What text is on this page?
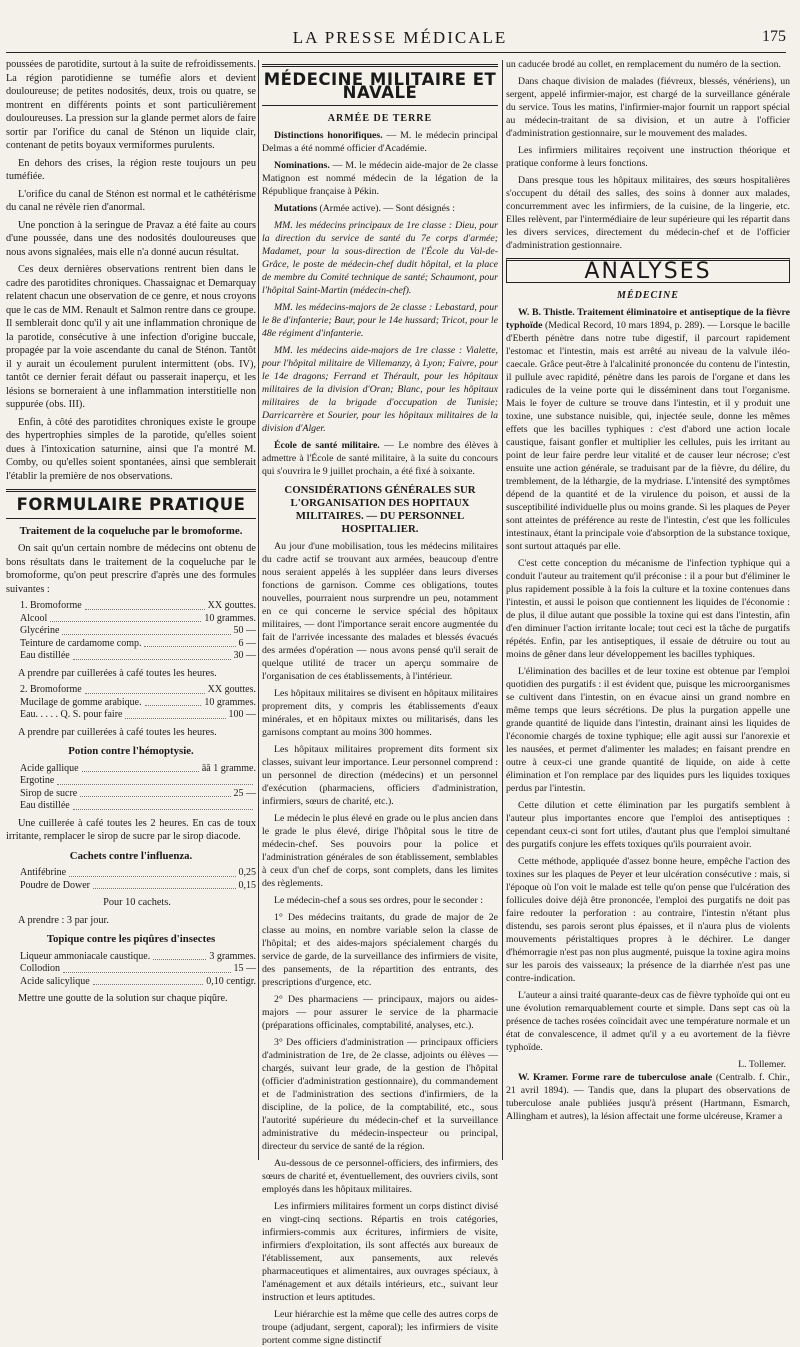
LA PRESSE MÉDICALE	175

poussées de parotidite, surtout à la suite de refroidissements. La région parotidienne se tuméfie alors et devient douloureuse; de petites nodosités, deux, trois ou quatre, se montrent en différents points et sont particulièrement douloureuses. La pression sur la glande permet alors de faire sortir par l'orifice du canal de Sténon un liquide clair, contenant de petits boyaux vermiformes purulents.

En dehors des crises, la région reste toujours un peu tuméfiée.

L'orifice du canal de Sténon est normal et le cathétérisme du canal ne révèle rien d'anormal.

Une ponction à la seringue de Pravaz a été faite au cours d'une poussée, dans une des nodosités douloureuses que nous avons signalées, mais elle n'a donné aucun résultat.

Ces deux dernières observations rentrent bien dans le cadre des parotidites chroniques. Chassaignac et Demarquay relatent chacun une observation de ce genre, et nous croyons que le cas de MM. Renault et Salmon rentre dans ce groupe. Il semblerait donc qu'il y ait une inflammation chronique de la parotide, consécutive à une infection d'origine buccale, propagée par la voie ascendante du canal de Sténon. Tantôt il y aurait un écoulement purulent intermittent (obs. IV), tantôt ce dernier ferait défaut ou passerait inaperçu, et les lésions se borneraient à une inflammation interstitielle non suppurée (obs. III).

Enfin, à côté des parotidites chroniques existe le groupe des hypertrophies simples de la parotide, qu'elles soient dues à l'intoxication saturnine, ainsi que l'a montré M. Comby, ou qu'elles soient spontanées, ainsi que semblerait l'établir la première de nos observations.

FORMULAIRE PRATIQUE
Traitement de la coqueluche par le bromoforme.

On sait qu'un certain nombre de médecins ont obtenu de bons résultats dans le traitement de la coqueluche par le bromoforme, qu'on peut prescrire d'après une des formules suivantes :

1. Bromoforme	XX gouttes.
Alcool	10 grammes.
Glycérine	50 —
Teinture de cardamome comp.	6 —
Eau distillée	30 —

A prendre par cuillerées à café toutes les heures.

2. Bromoforme	XX gouttes.
Mucilage de gomme arabique.	10 grammes.
Eau. . . . . Q. S. pour faire	100 —

A prendre par cuillerées à café toutes les heures.

Potion contre l'hémoptysie.
Acide gallique	āā 1 gramme.
Ergotine
Sirop de sucre	25 —
Eau distillée

Une cuillerée à café toutes les 2 heures. En cas de toux irritante, remplacer le sirop de sucre par le sirop diacode.

Cachets contre l'influenza.
Antifébrine	0,25
Poudre de Dower	0,15

Pour 10 cachets.

A prendre : 3 par jour.

Topique contre les piqûres d'insectes
Liqueur ammoniacale caustique.	3 grammes.
Collodion	15 —
Acide salicylique	0,10 centigr.

Mettre une goutte de la solution sur chaque piqûre.

MÉDECINE MILITAIRE ET NAVALE
ARMÉE DE TERRE

Distinctions honorifiques. — M. le médecin principal Delmas a été nommé officier d'Académie.

Nominations. — M. le médecin aide-major de 2e classe Matignon est nommé médecin de la légation de la République française à Pékin.

Mutations (Armée active). — Sont désignés :

MM. les médecins principaux de 1re classe : Dieu, pour la direction du service de santé du 7e corps d'armée; Madamet, pour la sous-direction de l'École du Val-de-Grâce, le poste de médecin-chef dudit hôpital, et la place de membre du Comité technique de santé; Schaumont, pour l'hôpital Saint-Martin (médecin-chef).

MM. les médecins-majors de 2e classe : Lebastard, pour le 8e d'infanterie; Baur, pour le 14e hussard; Tricot, pour le 48e régiment d'infanterie.

MM. les médecins aide-majors de 1re classe : Vialette, pour l'hôpital militaire de Villemanzy, à Lyon; Faivre, pour le 14e dragons; Ferrand et Thérault, pour les hôpitaux militaires de la division d'Oran; Blanc, pour les hôpitaux militaires de la brigade d'occupation de Tunisie; Darricarrère et Sourier, pour les hôpitaux militaires de la division d'Alger.

École de santé militaire. — Le nombre des élèves à admettre à l'École de santé militaire, à la suite du concours qui s'ouvrira le 9 juillet prochain, a été fixé à soixante.

CONSIDÉRATIONS GÉNÉRALES SUR L'ORGANISATION DES HOPITAUX MILITAIRES. — DU PERSONNEL HOSPITALIER.

Au jour d'une mobilisation, tous les médecins militaires du cadre actif se trouvant aux armées, beaucoup d'entre nous seraient appelés à les suppléer dans leurs diverses fonctions de garnison. Comme ces obligations, toutes nouvelles, pourraient nous surprendre un peu, notamment en ce qui concerne le service spécial des hôpitaux militaires, — dont l'importance serait encore augmentée du fait de l'arrivée incessante des malades et blessés évacués des armées d'opération — nous avons pensé qu'il serait de quelque utilité de tracer un aperçu sommaire de l'organisation de ces établissements, à l'intérieur.

Les hôpitaux militaires se divisent en hôpitaux militaires proprement dits, y compris les établissements d'eaux minérales, et en hôpitaux mixtes ou militarisés, dans les garnisons comptant au moins 300 hommes.

Les hôpitaux militaires proprement dits forment six classes, suivant leur importance. Leur personnel comprend : un personnel de direction (médecins) et un personnel d'exécution (pharmaciens, officiers d'administration, infirmiers, sœurs de charité, etc.).

Le médecin le plus élevé en grade ou le plus ancien dans le grade le plus élevé, dirige l'hôpital sous le titre de médecin-chef. Ses pouvoirs pour la police et l'administration générales de son établissement, semblables à ceux d'un chef de corps, sont complets, dans les limites des règlements.

Le médecin-chef a sous ses ordres, pour le seconder :

1° Des médecins traitants, du grade de major de 2e classe au moins, en nombre variable selon la classe de l'hôpital; et des aides-majors spécialement chargés du service de garde, de la surveillance des infirmiers de visite, des pansements, de la répartition des entrants, des prescriptions d'urgence, etc.

2° Des pharmaciens — principaux, majors ou aides-majors — pour assurer le service de la pharmacie (préparations officinales, comptabilité, analyses, etc.).

3° Des officiers d'administration — principaux officiers d'administration de 1re, de 2e classe, adjoints ou élèves — chargés, suivant leur grade, de la gestion de l'hôpital (officier d'administration gestionnaire), du commandement et de l'administration des sections d'infirmiers, de la discipline, de la police, de la comptabilité, etc., sous l'autorité supérieure du médecin-chef et la surveillance administrative du médecin-inspecteur ou principal, directeur du service de santé de la région.

Au-dessous de ce personnel-officiers, des infirmiers, des sœurs de charité et, éventuellement, des ouvriers civils, sont employés dans les hôpitaux militaires.

Les infirmiers militaires forment un corps distinct divisé en vingt-cinq sections. Répartis en trois catégories, infirmiers-commis aux écritures, infirmiers de visite, infirmiers d'exploitation, ils sont affectés aux bureaux de l'établissement, aux pansements, aux relevés pharmaceutiques et alimentaires, aux ouvrages spéciaux, à l'aménagement et aux détails intérieurs, etc., suivant leur instruction et leurs aptitudes.

Leur hiérarchie est la même que celle des autres corps de troupe (adjudant, sergent, caporal); les infirmiers de visite portent comme signe distinctif

un caducée brodé au collet, en remplacement du numéro de la section.

Dans chaque division de malades (fiévreux, blessés, vénériens), un sergent, appelé infirmier-major, est chargé de la surveillance générale du service. Tous les matins, l'infirmier-major fournit un rapport spécial au médecin-traitant de sa division, et un autre à l'officier d'administration gestionnaire, sur le mouvement des malades.

Les infirmiers militaires reçoivent une instruction théorique et pratique conforme à leurs fonctions.

Dans presque tous les hôpitaux militaires, des sœurs hospitalières s'occupent du détail des salles, des soins à donner aux malades, concurremment avec les infirmiers, de la cuisine, de la lingerie, etc. Elles relèvent, par l'intermédiaire de leur supérieure qui les répartit dans les divers services, directement du médecin-chef et de l'officier d'administration gestionnaire.

ANALYSES
MÉDECINE

W. B. Thistle. Traitement éliminatoire et antiseptique de la fièvre typhoïde (Medical Record, 10 mars 1894, p. 289). — Lorsque le bacille d'Eberth pénètre dans notre tube digestif, il parcourt rapidement l'estomac et l'intestin, mais est arrêté au niveau de la valvule iléo-caecale. Grâce peut-être à l'alcalinité prononcée du contenu de l'intestin, il pullule avec rapidité, pénètre dans les parois de l'organe et dans les radicules de la veine porte qui le disséminent dans tout l'organisme. Mais le foyer de culture se trouve dans l'intestin, et il y produit une toxine, une substance nuisible, qui, injectée seule, donne les mêmes effets que les bacilles typhiques : c'est d'abord une action locale caustique, faisant gonfler et multiplier les cellules, puis les irritant au point de leur faire perdre leur vitalité et de causer leur nécrose; c'est ensuite une action générale, se traduisant par de la fièvre, du délire, du tremblement, de la léthargie, de la mydriase. L'intensité des symptômes dépend de la quantité et de la virulence du poison, et aussi de la susceptibilité individuelle plus ou moins grande. Si les plaques de Peyer sont atteintes de préférence au reste de l'intestin, c'est que les follicules intestinaux, étant la principale voie d'absorption de la substance toxique, sont surtout attaqués par elle.

C'est cette conception du mécanisme de l'infection typhique qui a conduit l'auteur au traitement qu'il préconise : il a pour but d'éliminer le plus rapidement possible à la fois la culture et la toxine contenues dans l'intestin, et aussi le poison que contiennent les liquides de l'économie : de plus, il dilue autant que possible la toxine qui est dans l'intestin, afin d'en diminuer l'action irritante locale; tout ceci est la tâche de purgatifs répétés. Enfin, par les antiseptiques, il essaie de détruire ou tout au moins de gêner dans leur développement les bacilles typhiques.

L'élimination des bacilles et de leur toxine est obtenue par l'emploi quotidien des purgatifs : il est évident que, puisque les microorganismes se cultivent dans l'intestin, on en évacue ainsi un grand nombre en même temps que leurs sécrétions. De plus la purgation appelle une grande quantité de liquide dans l'intestin, drainant ainsi les liquides de l'économie chargés de toxine typhique; elle agit aussi sur l'anorexie et les nausées, et permet d'alimenter les malades; en faisant prendre en outre à ceux-ci une grande quantité de liquide, on aide à cette élimination et l'on remplace par des liquides purs les liquides toxiques perdus par l'intestin.

Cette dilution et cette élimination par les purgatifs semblent à l'auteur plus importantes encore que l'emploi des antiseptiques : cependant ceux-ci sont fort utiles, d'autant plus que l'emploi simultané des purgatifs conjure les effets toxiques qu'ils pourraient avoir.

Cette méthode, appliquée d'assez bonne heure, empêche l'action des toxines sur les plaques de Peyer et leur ulcération consécutive : mais, si l'époque où l'on voit le malade est telle qu'on pense que l'ulcération des follicules doive déjà être prononcée, l'emploi des purgatifs ne doit pas faire redouter la perforation : au contraire, l'intestin n'étant plus distendu, ses parois seront plus épaisses, et il n'aura plus de violents mouvements péristaltiques propres à le déchirer. Le danger d'hémorragie n'est pas non plus augmenté, puisque la toxine agira moins sur les parois des vaisseaux; la présence de la diarrhée n'est pas une contre-indication.

L'auteur a ainsi traité quarante-deux cas de fièvre typhoïde qui ont eu une évolution remarquablement courte et simple. Dans sept cas où la présence de taches rosées coïncidait avec une température normale et un état de convalescence, il admet qu'il y a eu avortement de la fièvre typhoïde.

L. Tollemer.

W. Kramer. Forme rare de tuberculose anale (Centralb. f. Chir., 21 avril 1894). — Tandis que, dans la plupart des observations de tuberculose anale publiées jusqu'à présent (Hartmann, Esmarch, Allingham et autres), la lésion affectait une forme ulcéreuse, Kramer a
